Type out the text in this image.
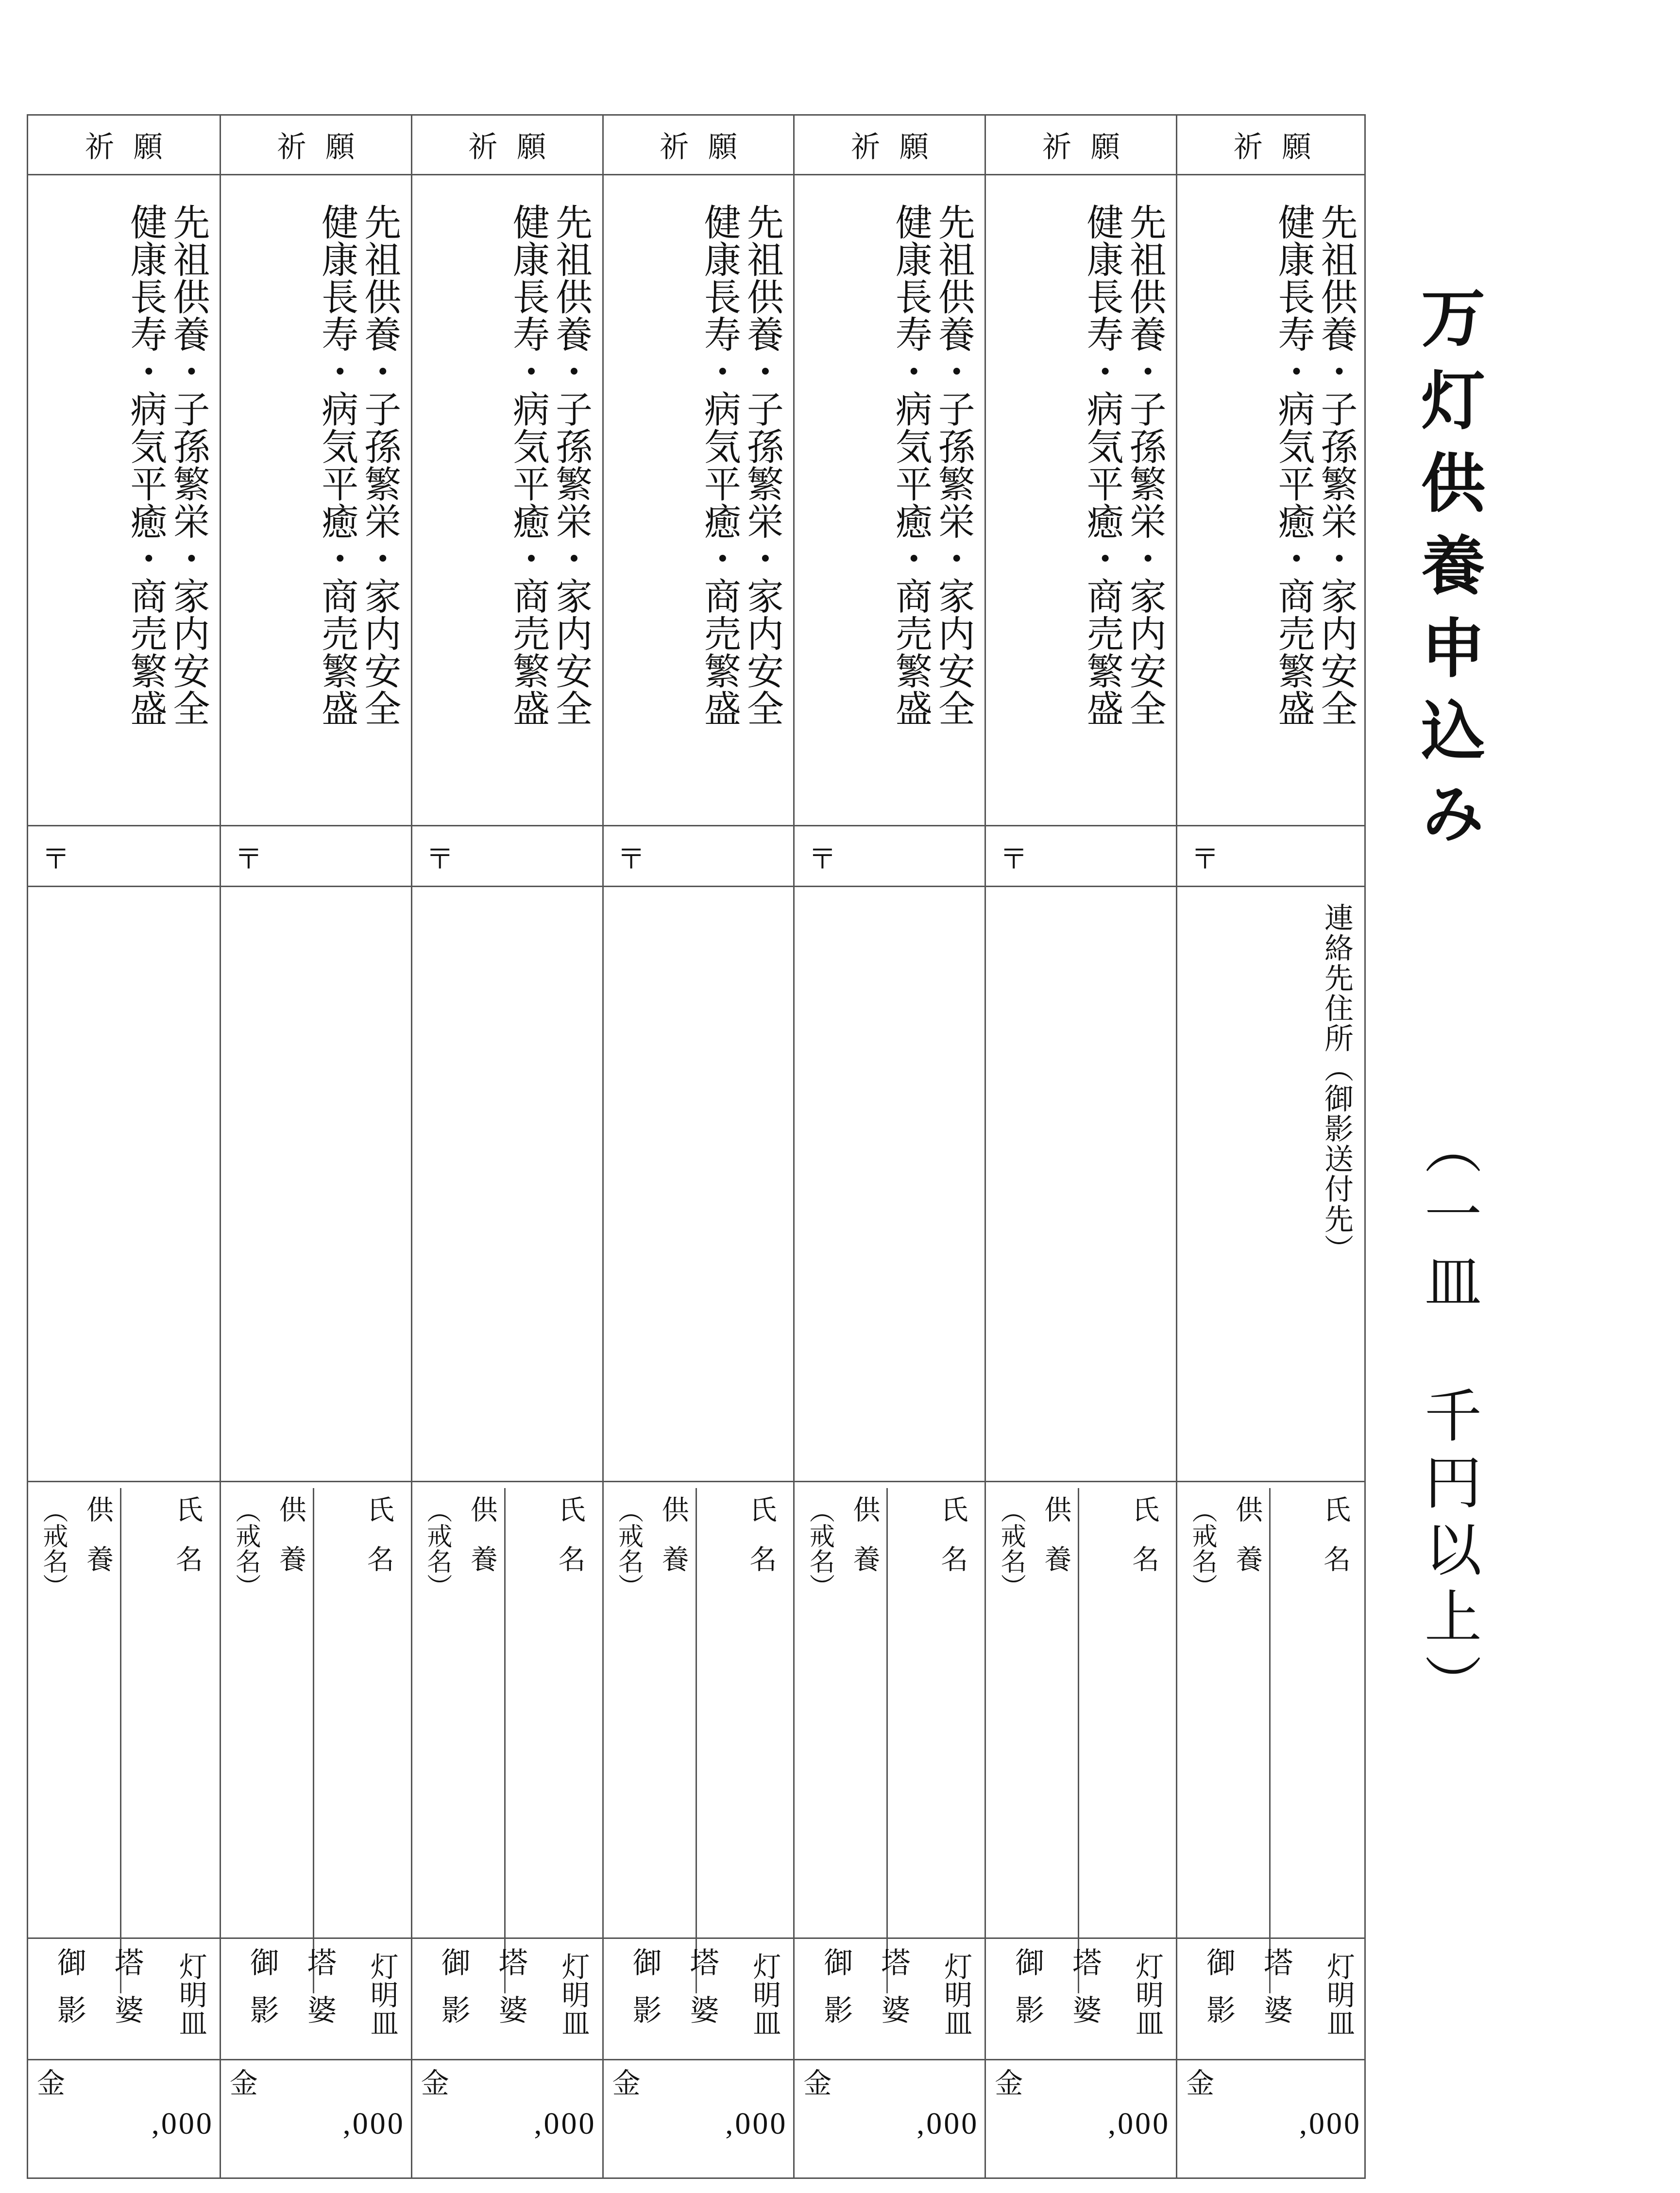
祈願
先祖供養・子孫繁栄・家内安全
健康長寿・病気平癒・商売繁盛
〒
氏名
供養
（戒名）
灯明皿
塔婆
御影
金
,000
祈願
先祖供養・子孫繁栄・家内安全
健康長寿・病気平癒・商売繁盛
〒
氏名
供養
（戒名）
灯明皿
塔婆
御影
金
,000
祈願
先祖供養・子孫繁栄・家内安全
健康長寿・病気平癒・商売繁盛
〒
氏名
供養
（戒名）
灯明皿
塔婆
御影
金
,000
祈願
先祖供養・子孫繁栄・家内安全
健康長寿・病気平癒・商売繁盛
〒
氏名
供養
（戒名）
灯明皿
塔婆
御影
金
,000
祈願
先祖供養・子孫繁栄・家内安全
健康長寿・病気平癒・商売繁盛
〒
氏名
供養
（戒名）
灯明皿
塔婆
御影
金
,000
祈願
先祖供養・子孫繁栄・家内安全
健康長寿・病気平癒・商売繁盛
〒
氏名
供養
（戒名）
灯明皿
塔婆
御影
金
,000
祈願
先祖供養・子孫繁栄・家内安全
健康長寿・病気平癒・商売繁盛
〒
連絡先住所（御影送付先）
氏名
供養
（戒名）
灯明皿
塔婆
御影
金
,000
万灯供養申込み
（一皿　千円以上）
